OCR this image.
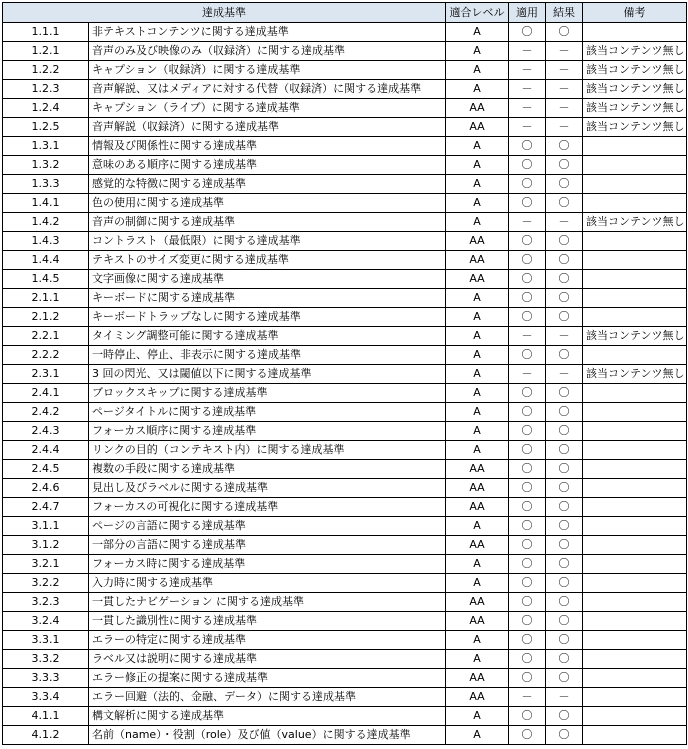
達成基準		適合レベル	適用	結果	備考
1.1.1	非テキストコンテンツに関する達成基準	A	〇	〇	
1.2.1	音声のみ及び映像のみ（収録済）に関する達成基準	A	－	－	該当コンテンツ無し
1.2.2	キャプション（収録済）に関する達成基準	A	－	－	該当コンテンツ無し
1.2.3	音声解説、又はメディアに対する代替（収録済）に関する達成基準	A	－	－	該当コンテンツ無し
1.2.4	キャプション（ライブ）に関する達成基準	AA	－	－	該当コンテンツ無し
1.2.5	音声解説（収録済）に関する達成基準	AA	－	－	該当コンテンツ無し
1.3.1	情報及び関係性に関する達成基準	A	〇	〇	
1.3.2	意味のある順序に関する達成基準	A	〇	〇	
1.3.3	感覚的な特徴に関する達成基準	A	〇	〇	
1.4.1	色の使用に関する達成基準	A	〇	〇	
1.4.2	音声の制御に関する達成基準	A	－	－	該当コンテンツ無し
1.4.3	コントラスト（最低限）に関する達成基準	AA	〇	〇	
1.4.4	テキストのサイズ変更に関する達成基準	AA	〇	〇	
1.4.5	文字画像に関する達成基準	AA	〇	〇	
2.1.1	キーボードに関する達成基準	A	〇	〇	
2.1.2	キーボードトラップなしに関する達成基準	A	〇	〇	
2.2.1	タイミング調整可能に関する達成基準	A	－	－	該当コンテンツ無し
2.2.2	一時停止、停止、非表示に関する達成基準	A	〇	〇	
2.3.1	3 回の閃光、又は閾値以下に関する達成基準	A	－	－	該当コンテンツ無し
2.4.1	ブロックスキップに関する達成基準	A	〇	〇	
2.4.2	ページタイトルに関する達成基準	A	〇	〇	
2.4.3	フォーカス順序に関する達成基準	A	〇	〇	
2.4.4	リンクの目的（コンテキスト内）に関する達成基準	A	〇	〇	
2.4.5	複数の手段に関する達成基準	AA	〇	〇	
2.4.6	見出し及びラベルに関する達成基準	AA	〇	〇	
2.4.7	フォーカスの可視化に関する達成基準	AA	〇	〇	
3.1.1	ページの言語に関する達成基準	A	〇	〇	
3.1.2	一部分の言語に関する達成基準	AA	〇	〇	
3.2.1	フォーカス時に関する達成基準	A	〇	〇	
3.2.2	入力時に関する達成基準	A	〇	〇	
3.2.3	一貫したナビゲーション に関する達成基準	AA	〇	〇	
3.2.4	一貫した識別性に関する達成基準	AA	〇	〇	
3.3.1	エラーの特定に関する達成基準	A	〇	〇	
3.3.2	ラベル又は説明に関する達成基準	A	〇	〇	
3.3.3	エラー修正の提案に関する達成基準	AA	〇	〇	
3.3.4	エラー回避（法的、金融、データ）に関する達成基準	AA	－	－	
4.1.1	構文解析に関する達成基準	A	〇	〇	
4.1.2	名前（name）・役割（role）及び値（value）に関する達成基準	A	〇	〇	
